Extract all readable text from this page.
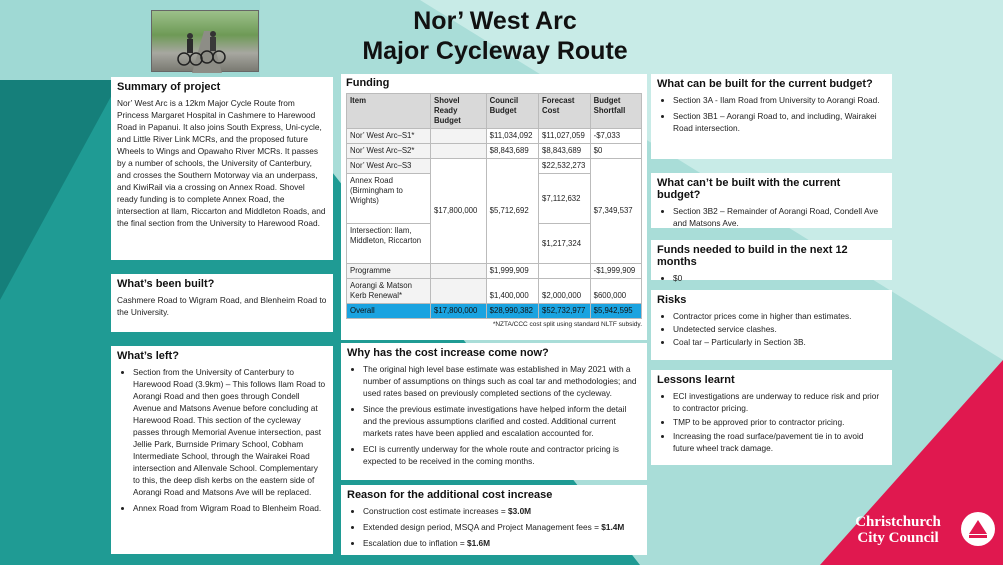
Nor’ West Arc
Major Cycleway Route
Summary of project

Nor’ West Arc is a 12km Major Cycle Route from Princess Margaret Hospital in Cashmere to Harewood Road in Papanui. It also joins South Express, Uni-cycle, and Little River Link MCRs, and the proposed future Wheels to Wings and Opawaho River MCRs. It passes by a number of schools, the University of Canterbury, and crosses the Southern Motorway via an underpass, and KiwiRail via a crossing on Annex Road. Shovel ready funding is to complete Annex Road, the intersection at Ilam, Riccarton and Middleton Roads, and the final section from the University to Harewood Road.

What’s been built?

Cashmere Road to Wigram Road, and Blenheim Road to the University.

What’s left?
• Section from the University of Canterbury to Harewood Road (3.9km) – This follows Ilam Road to Aorangi Road and then goes through Condell Avenue and Matsons Avenue before concluding at Harewood Road. This section of the cycleway passes through Memorial Avenue intersection, past Jellie Park, Burnside Primary School, Cobham Intermediate School, through the Wairakei Road intersection and Allenvale School. Complementary to this, the deep dish kerbs on the eastern side of Aorangi Road and Matsons Ave will be replaced.
• Annex Road from Wigram Road to Blenheim Road.
Funding
Item	Shovel Ready Budget	Council Budget	Forecast Cost	Budget Shortfall
Nor’ West Arc–S1*		$11,034,092	$11,027,059	-$7,033
Nor’ West Arc–S2*		$8,843,689	$8,843,689	$0
Nor’ West Arc–S3	$17,800,000	$5,712,692	$22,532,273	$7,349,537
Annex Road (Birmingham to Wrights)			$7,112,632	
Intersection: Ilam, Middleton, Riccarton			$1,217,324	
Programme		$1,999,909		-$1,999,909
Aorangi & Matson Kerb Renewal*		$1,400,000	$2,000,000	$600,000
Overall	$17,800,000	$28,990,382	$52,732,977	$5,942,595
*NZTA/CCC cost split using standard NLTF subsidy.
Why has the cost increase come now?
• The original high level base estimate was established in May 2021 with a number of assumptions on things such as coal tar and methodologies; and used rates based on previously completed sections of the cycleway.
• Since the previous estimate investigations have helped inform the detail and the previous assumptions clarified and costed. Additional current markets rates have been applied and escalation accounted for.
• ECI is currently underway for the whole route and contractor pricing is expected to be received in the coming months.
Reason for the additional cost increase
• Construction cost estimate increases = $3.0M
• Extended design period, MSQA and Project Management fees = $1.4M
• Escalation due to inflation = $1.6M
What can be built for the current budget?
• Section 3A - Ilam Road from University to Aorangi Road.
• Section 3B1 – Aorangi Road to, and including, Wairakei Road intersection.
What can’t be built with the current budget?
• Section 3B2 – Remainder of Aorangi Road, Condell Ave and Matsons Ave.
Funds needed to build in the next 12 months
• $0
Risks
• Contractor prices come in higher than estimates.
• Undetected service clashes.
• Coal tar – Particularly in Section 3B.
Lessons learnt
• ECI investigations are underway to reduce risk and prior to contractor pricing.
• TMP to be approved prior to contractor pricing.
• Increasing the road surface/pavement tie in to avoid future wheel track damage.
Christchurch
City Council
